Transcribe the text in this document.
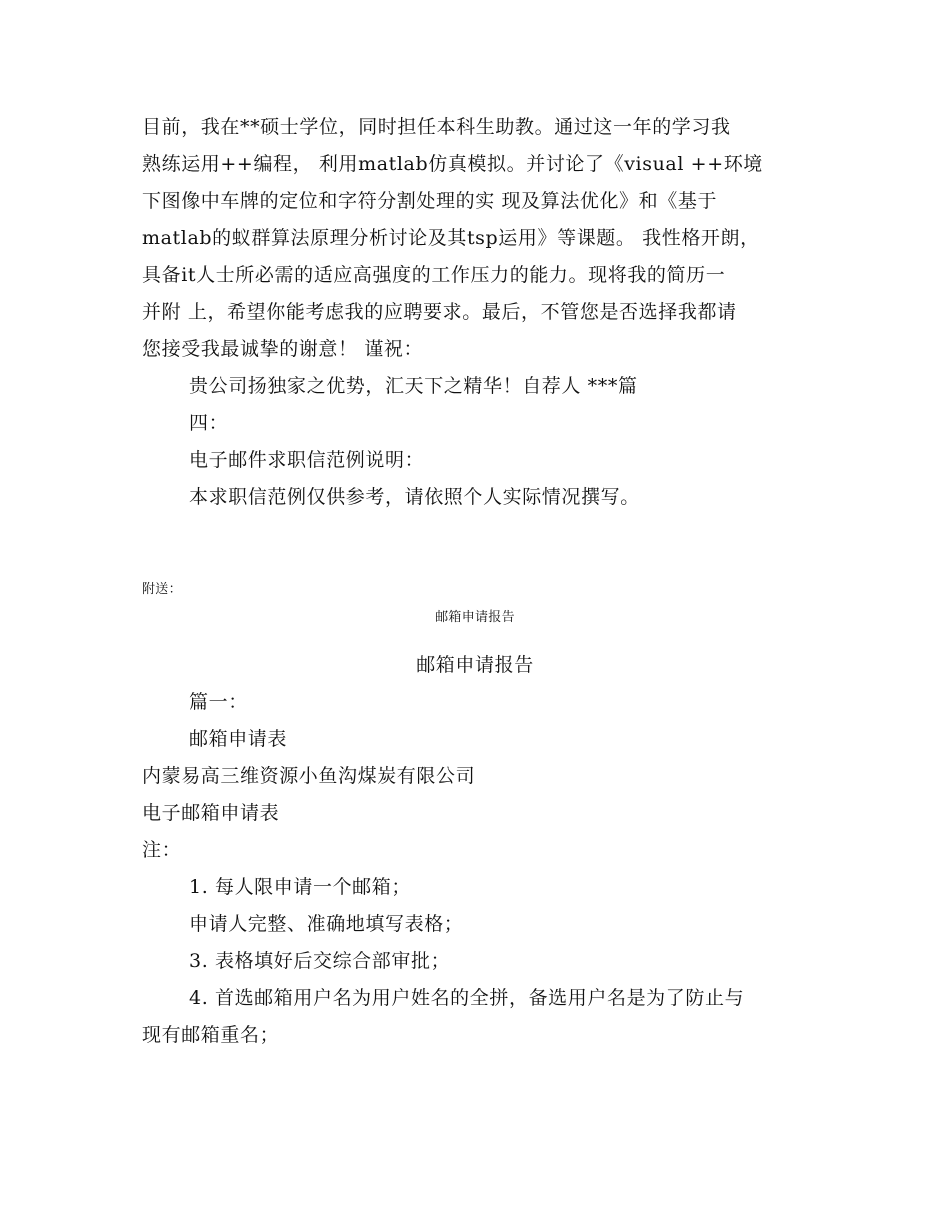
目前，我在**硕士学位，同时担任本科生助教。通过这一年的学习我
熟练运用++编程， 利用matlab仿真模拟。并讨论了《visual ++环境
下图像中车牌的定位和字符分割处理的实 现及算法优化》和《基于
matlab的蚁群算法原理分析讨论及其tsp运用》等课题。 我性格开朗，
具备it人士所必需的适应高强度的工作压力的能力。现将我的简历一
并附 上，希望你能考虑我的应聘要求。最后，不管您是否选择我都请
您接受我最诚挚的谢意！ 谨祝：
贵公司扬独家之优势，汇天下之精华！自荐人 ***篇
四：
电子邮件求职信范例说明：
本求职信范例仅供参考，请依照个人实际情况撰写。
附送：
邮箱申请报告
邮箱申请报告
篇一：
邮箱申请表
内蒙易高三维资源小鱼沟煤炭有限公司
电子邮箱申请表
注：
1. 每人限申请一个邮箱；
申请人完整、准确地填写表格；
3. 表格填好后交综合部审批；
4. 首选邮箱用户名为用户姓名的全拼，备选用户名是为了防止与
现有邮箱重名；
